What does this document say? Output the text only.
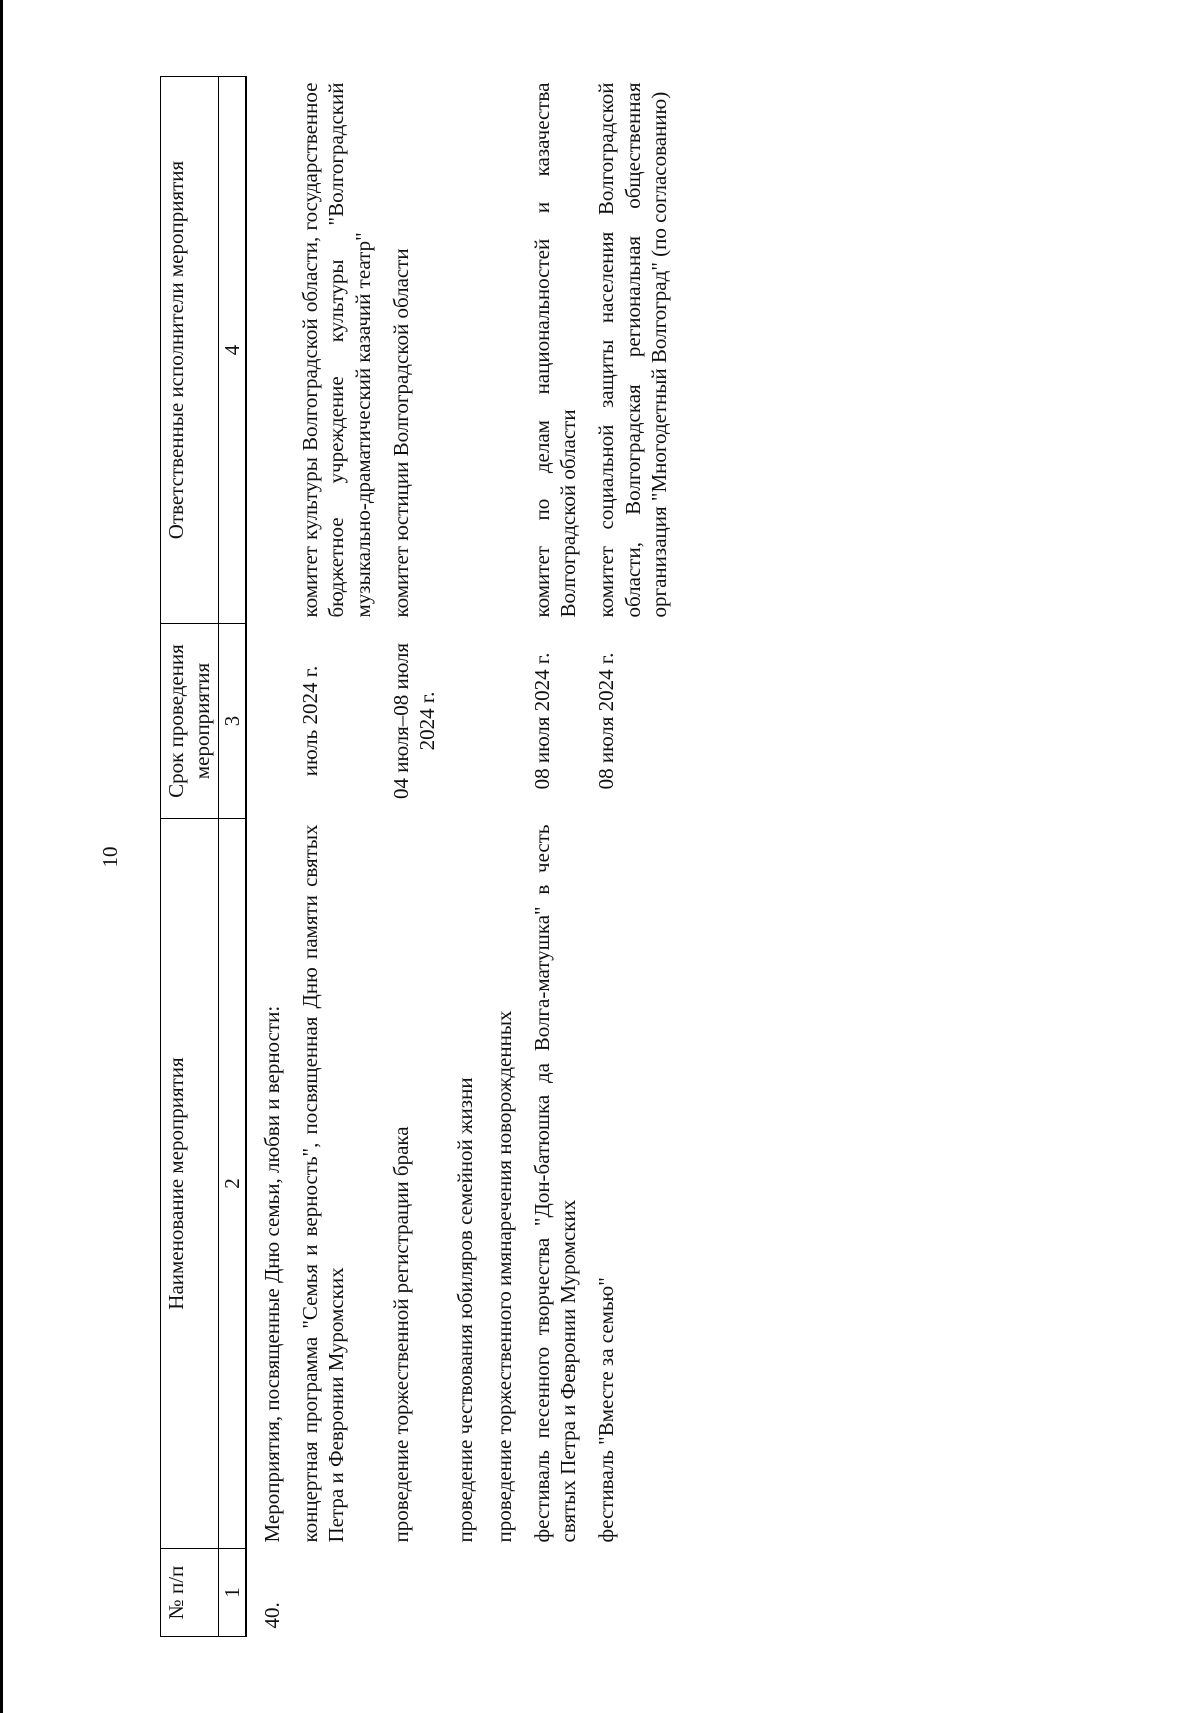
10
№ п/п	Наименование мероприятия	Срок проведения мероприятия	Ответственные исполнители мероприятия
1	2	3	4
40.	Мероприятия, посвященные Дню семьи, любви и верности:		
	концертная программа "Семья и верность", посвященная Дню памяти святых Петра и Февронии Муромских	июль 2024 г.	комитет культуры Волгоградской области, государственное бюджетное учреждение культуры "Волгоградский музыкально-драматический казачий театр"
	проведение торжественной регистрации брака	04 июля–08 июля 2024 г.	комитет юстиции Волгоградской области
	проведение чествования юбиляров семейной жизни		
	проведение торжественного имянаречения новорожденных		
	фестиваль песенного творчества "Дон-батюшка да Волга-матушка" в честь святых Петра и Февронии Муромских	08 июля 2024 г.	комитет по делам национальностей и казачества Волгоградской области
	фестиваль "Вместе за семью"	08 июля 2024 г.	комитет социальной защиты населения Волгоградской области, Волгоградская региональная общественная организация "Многодетный Волгоград" (по согласованию)
